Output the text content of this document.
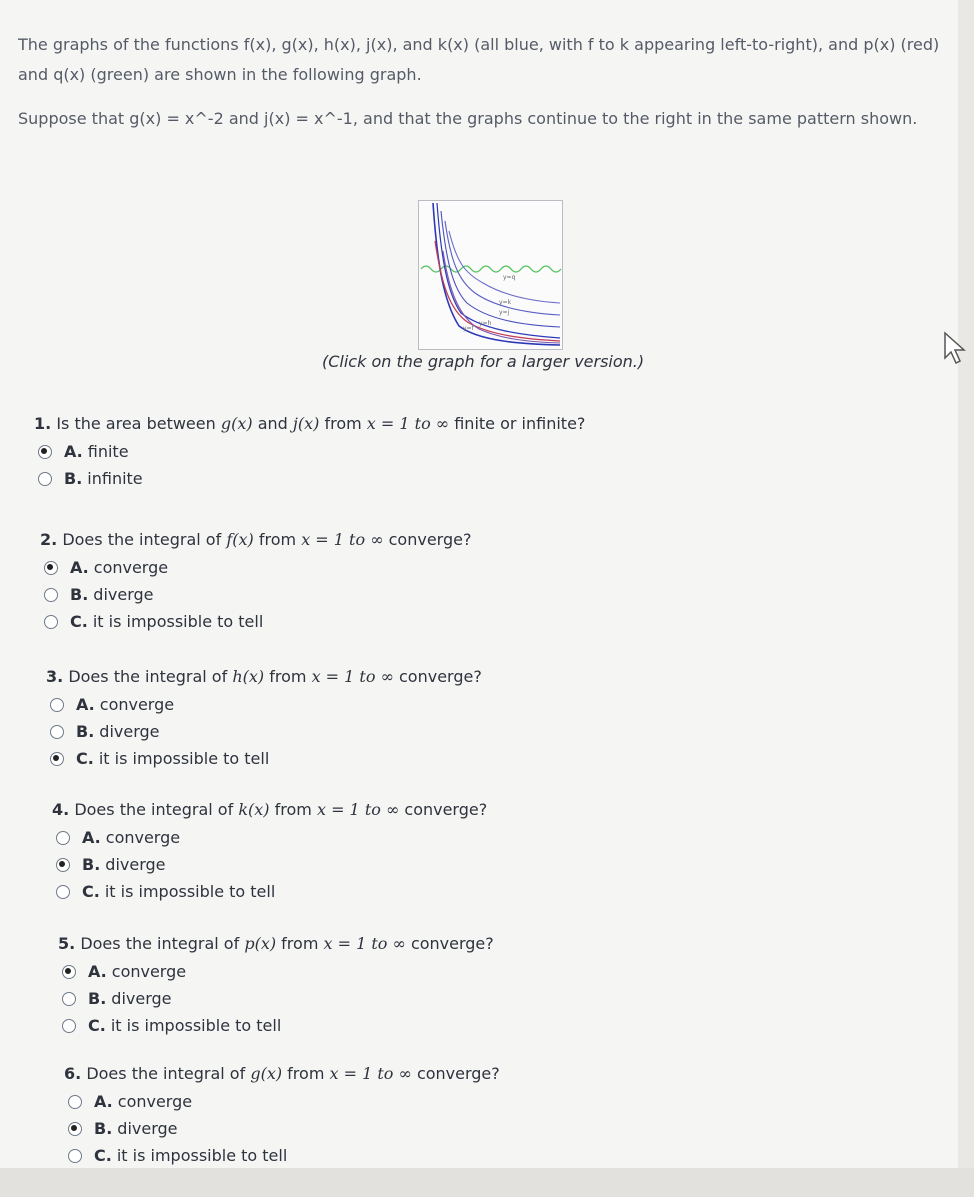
The graphs of the functions f(x), g(x), h(x), j(x), and k(x) (all blue, with f to k appearing left-to-right), and p(x) (red) and q(x) (green) are shown in the following graph.

Suppose that g(x) = x^-2 and j(x) = x^-1, and that the graphs continue to the right in the same pattern shown.

y=q
y=k
y=j
y=h
y=f
(Click on the graph for a larger version.)
1. Is the area between g(x) and j(x) from x = 1 to ∞ finite or infinite?
A. finite
B. infinite
2. Does the integral of f(x) from x = 1 to ∞ converge?
A. converge
B. diverge
C. it is impossible to tell
3. Does the integral of h(x) from x = 1 to ∞ converge?
A. converge
B. diverge
C. it is impossible to tell
4. Does the integral of k(x) from x = 1 to ∞ converge?
A. converge
B. diverge
C. it is impossible to tell
5. Does the integral of p(x) from x = 1 to ∞ converge?
A. converge
B. diverge
C. it is impossible to tell
6. Does the integral of g(x) from x = 1 to ∞ converge?
A. converge
B. diverge
C. it is impossible to tell
